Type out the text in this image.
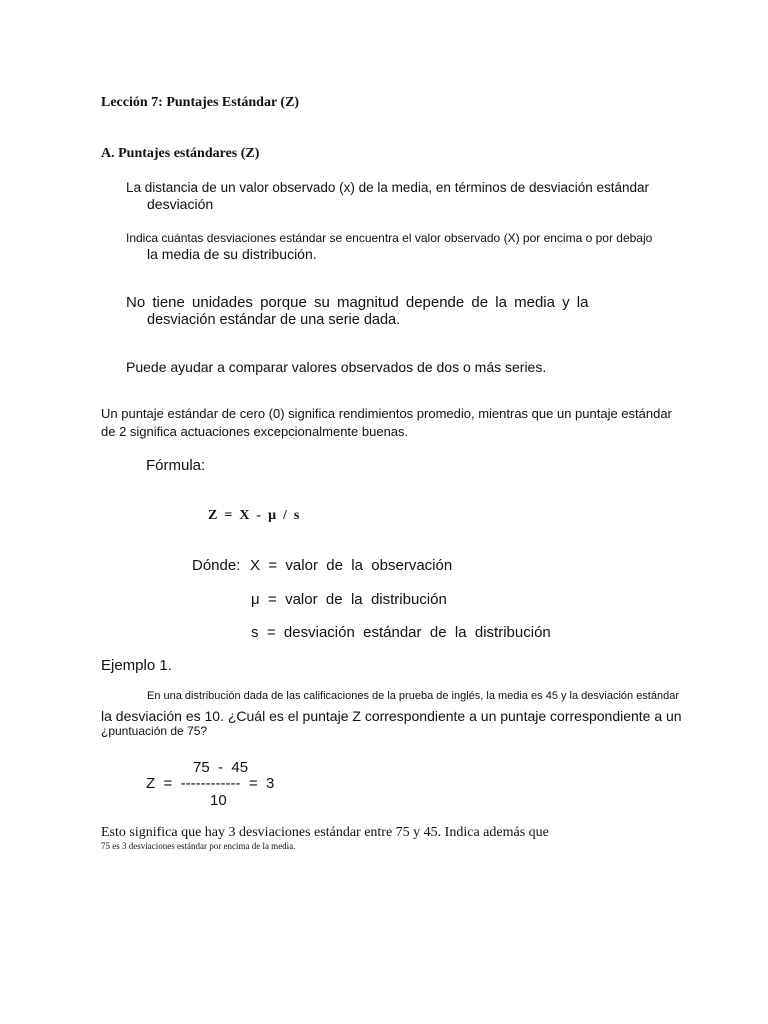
Lección 7: Puntajes Estándar (Z)
A. Puntajes estándares (Z)
La distancia de un valor observado (x) de la media, en términos de desviación estándar
desviación
Indica cuántas desviaciones estándar se encuentra el valor observado (X) por encima o por debajo
la media de su distribución.
No tiene unidades porque su magnitud depende de la media y la
desviación estándar de una serie dada.
Puede ayudar a comparar valores observados de dos o más series.
Un puntaje estándar de cero (0) significa rendimientos promedio, mientras que un puntaje estándar
de 2 significa actuaciones excepcionalmente buenas.
Fórmula:
Z  =  X  -  μ  /  s
Dónde: X  =  valor  de  la  observación
μ  =  valor  de  la  distribución
s  =  desviación  estándar  de  la  distribución
Ejemplo 1.
En una distribución dada de las calificaciones de la prueba de inglés, la media es 45 y la desviación estándar
la desviación es 10. ¿Cuál es el puntaje Z correspondiente a un puntaje correspondiente a un
¿puntuación de 75?
75  -  45
Z  =  ------------  =  3
10
Esto significa que hay 3 desviaciones estándar entre 75 y 45. Indica además que
75 es 3 desviaciones estándar por encima de la media.
